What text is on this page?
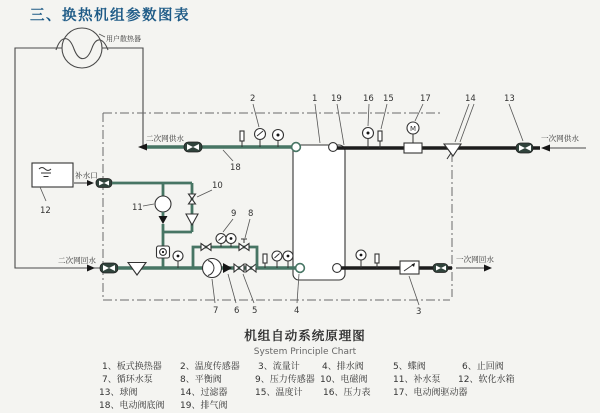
三、换热机组参数图表
用户散热器
二次网供水
M
一次网供水
一次网回水
二次网回水
补水口
2	1 19 16 15	17	14	13
18
12	11
10
9 8
7 6 5	4	3
机组自动系统原理图
System Principle Chart
1、板式换热器 2、温度传感器 3、流量计 4、排水阀	5、蝶阀	6、止回阀
7、循环水泵	8、平衡阀	9、压力传感器 10、电磁阀	11、补水泵 12、软化水箱
13、球阀	14、过滤器	15、温度计 16、压力表	17、电动阀驱动器
18、电动阀底阀 19、排气阀
